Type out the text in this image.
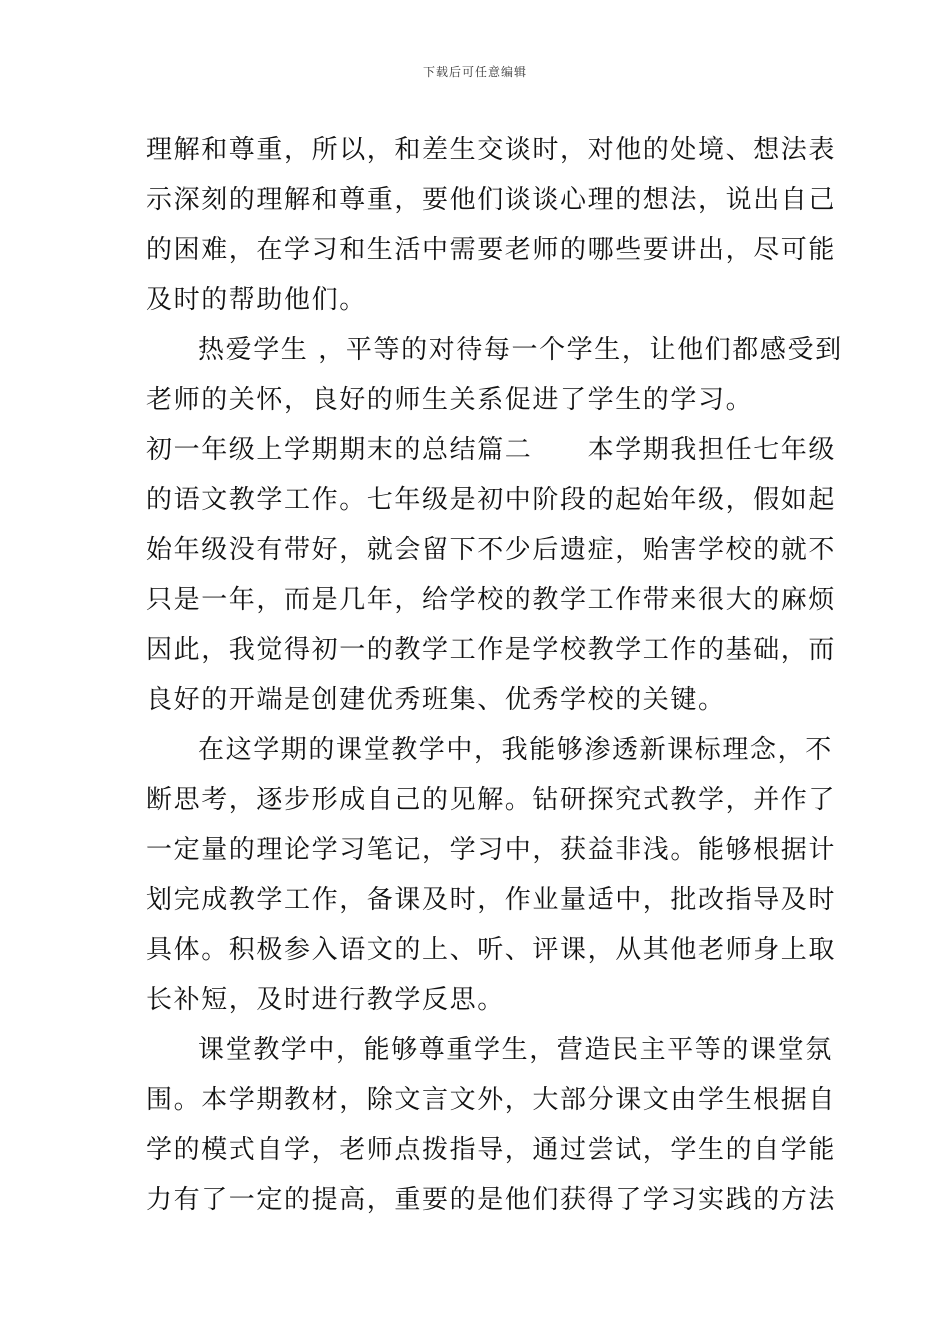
下载后可任意编辑
理解和尊重，所以，和差生交谈时，对他的处境、想法表
示深刻的理解和尊重，要他们谈谈心理的想法，说出自己
的困难，在学习和生活中需要老师的哪些要讲出，尽可能
及时的帮助他们。
热爱学生 ，平等的对待每一个学生，让他们都感受到
老师的关怀，良好的师生关系促进了学生的学习。
初一年级上学期期末的总结篇二　　本学期我担任七年级
的语文教学工作。七年级是初中阶段的起始年级，假如起
始年级没有带好，就会留下不少后遗症，贻害学校的就不
只是一年，而是几年，给学校的教学工作带来很大的麻烦
因此，我觉得初一的教学工作是学校教学工作的基础，而
良好的开端是创建优秀班集、优秀学校的关键。
在这学期的课堂教学中，我能够渗透新课标理念，不
断思考，逐步形成自己的见解。钻研探究式教学，并作了
一定量的理论学习笔记，学习中，获益非浅。能够根据计
划完成教学工作，备课及时，作业量适中，批改指导及时
具体。积极参入语文的上、听、评课，从其他老师身上取
长补短，及时进行教学反思。
课堂教学中，能够尊重学生，营造民主平等的课堂氛
围。本学期教材，除文言文外，大部分课文由学生根据自
学的模式自学，老师点拨指导，通过尝试，学生的自学能
力有了一定的提高，重要的是他们获得了学习实践的方法
